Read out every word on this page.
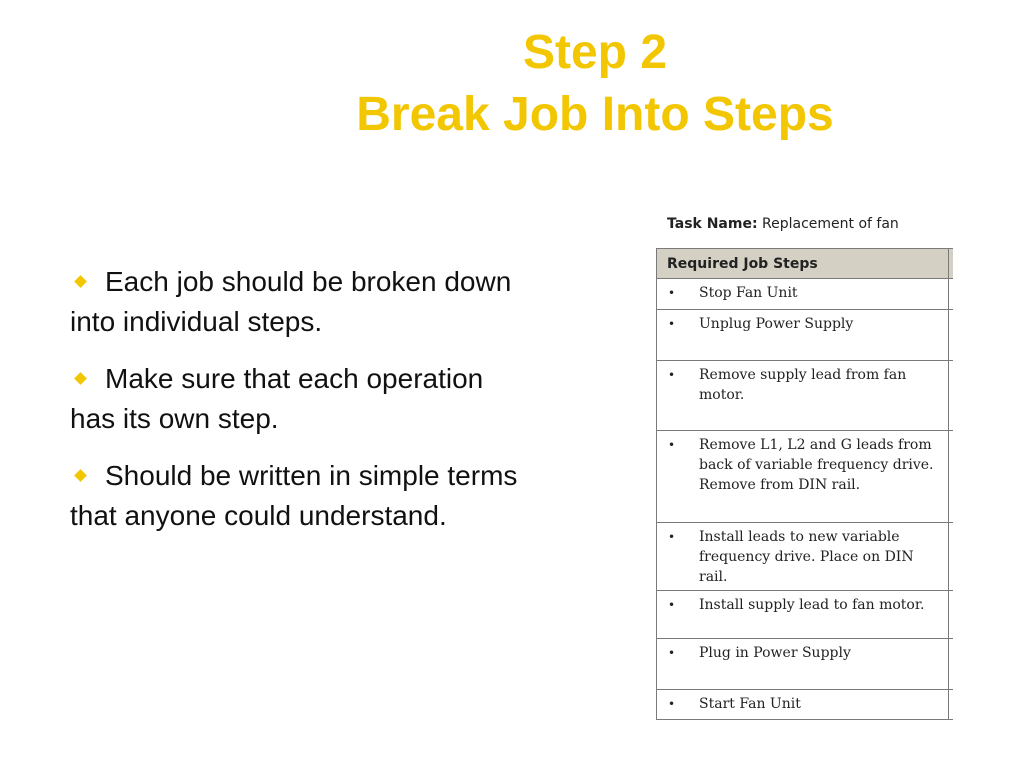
Step 2
Break Job Into Steps
Each job should be broken down into individual steps.
Make sure that each operation has its own step.
Should be written in simple terms that anyone could understand.
Task Name: Replacement of fan
Required Job Steps	

• Stop Fan Unit	

• Unplug Power Supply	

• Remove supply lead from fan motor.	

• Remove L1, L2 and G leads from back of variable frequency drive. Remove from DIN rail.	

• Install leads to new variable frequency drive. Place on DIN rail.	

• Install supply lead to fan motor.	

• Plug in Power Supply	

• Start Fan Unit	
